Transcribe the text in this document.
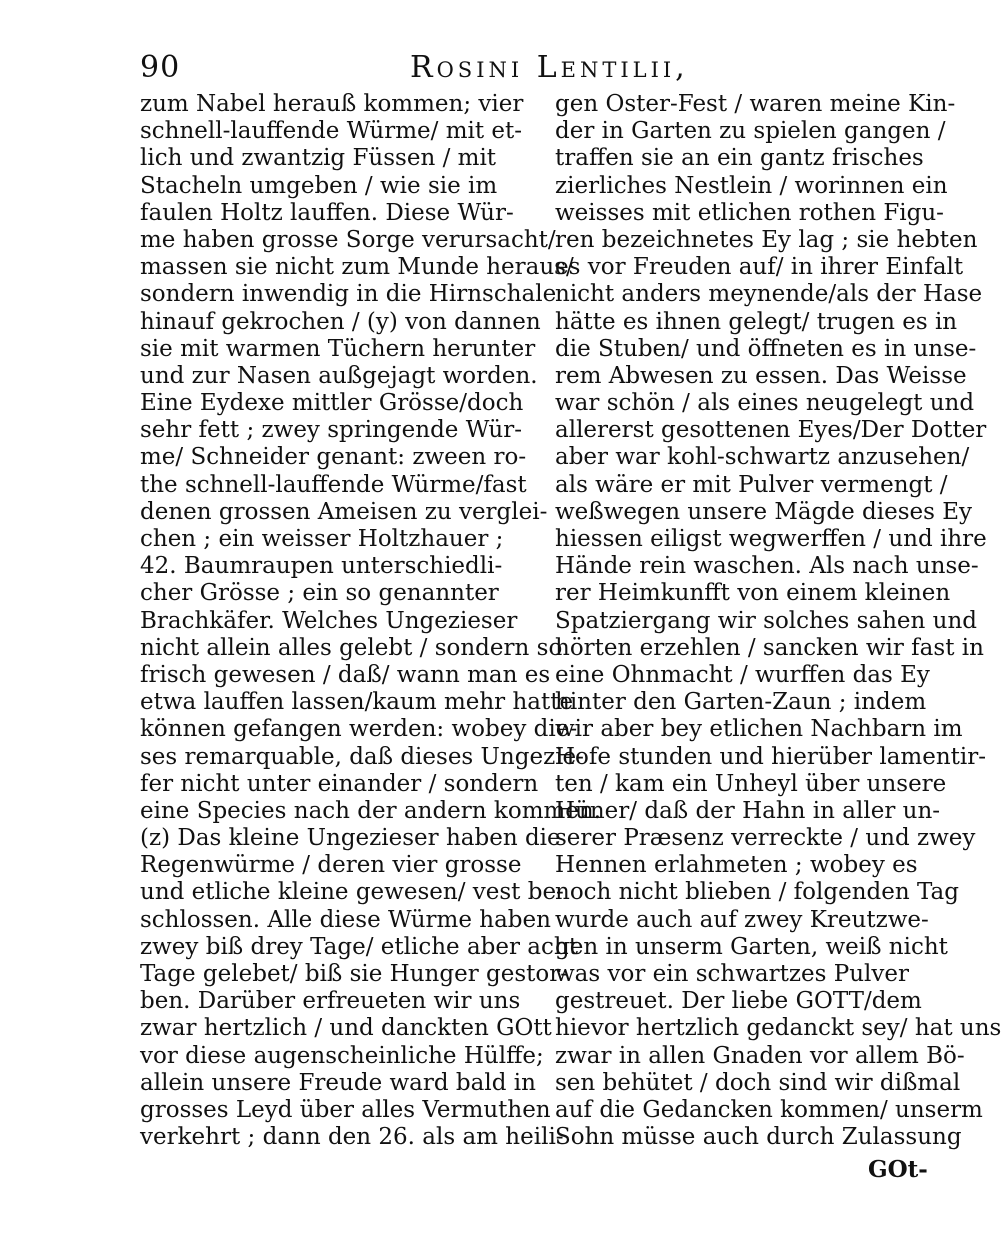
90	Rosini Lentilii,
zum Nabel herauß kommen; vier
schnell-lauffende Würme/ mit et-
lich und zwantzig Füssen / mit
Stacheln umgeben / wie sie im
faulen Holtz lauffen. Diese Wür-
me haben grosse Sorge verursacht/
massen sie nicht zum Munde heraus/
sondern inwendig in die Hirnschale
hinauf gekrochen / (y) von dannen
sie mit warmen Tüchern herunter
und zur Nasen außgejagt worden.
Eine Eydexe mittler Grösse/doch
sehr fett ; zwey springende Wür-
me/ Schneider genant: zween ro-
the schnell-lauffende Würme/fast
denen grossen Ameisen zu verglei-
chen ; ein weisser Holtzhauer ;
42. Baumraupen unterschiedli-
cher Grösse ; ein so genannter
Brachkäfer. Welches Ungezieser
nicht allein alles gelebt / sondern so
frisch gewesen / daß/ wann man es
etwa lauffen lassen/kaum mehr hatte
können gefangen werden: wobey die-
ses remarquable, daß dieses Ungezie-
fer nicht unter einander / sondern
eine Species nach der andern kommen.
(z) Das kleine Ungezieser haben die
Regenwürme / deren vier grosse
und etliche kleine gewesen/ vest be-
schlossen. Alle diese Würme haben
zwey biß drey Tage/ etliche aber acht
Tage gelebet/ biß sie Hunger gestor-
ben. Darüber erfreueten wir uns
zwar hertzlich / und danckten GOtt
vor diese augenscheinliche Hülffe;
allein unsere Freude ward bald in
grosses Leyd über alles Vermuthen
verkehrt ; dann den 26. als am heili-
gen Oster-Fest / waren meine Kin-
der in Garten zu spielen gangen /
traffen sie an ein gantz frisches
zierliches Nestlein / worinnen ein
weisses mit etlichen rothen Figu-
ren bezeichnetes Ey lag ; sie hebten
es vor Freuden auf/ in ihrer Einfalt
nicht anders meynende/als der Hase
hätte es ihnen gelegt/ trugen es in
die Stuben/ und öffneten es in unse-
rem Abwesen zu essen. Das Weisse
war schön / als eines neugelegt und
allererst gesottenen Eyes/Der Dotter
aber war kohl-schwartz anzusehen/
als wäre er mit Pulver vermengt /
weßwegen unsere Mägde dieses Ey
hiessen eiligst wegwerffen / und ihre
Hände rein waschen. Als nach unse-
rer Heimkunfft von einem kleinen
Spatziergang wir solches sahen und
hörten erzehlen / sancken wir fast in
eine Ohnmacht / wurffen das Ey
hinter den Garten-Zaun ; indem
wir aber bey etlichen Nachbarn im
Hofe stunden und hierüber lamentir-
ten / kam ein Unheyl über unsere
Hüner/ daß der Hahn in aller un-
serer Præsenz verreckte / und zwey
Hennen erlahmeten ; wobey es
noch nicht blieben / folgenden Tag
wurde auch auf zwey Kreutzwe-
gen in unserm Garten, weiß nicht
was vor ein schwartzes Pulver
gestreuet. Der liebe GOTT/dem
hievor hertzlich gedanckt sey/ hat uns
zwar in allen Gnaden vor allem Bö-
sen behütet / doch sind wir dißmal
auf die Gedancken kommen/ unserm
Sohn müsse auch durch Zulassung
GOt-
